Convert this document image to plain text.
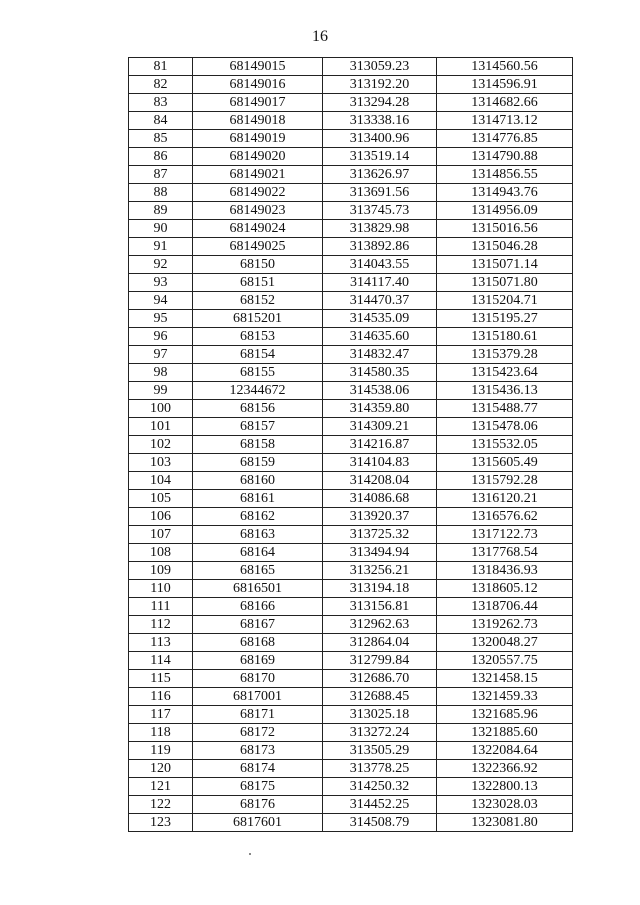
16
81	68149015	313059.23	1314560.56
82	68149016	313192.20	1314596.91
83	68149017	313294.28	1314682.66
84	68149018	313338.16	1314713.12
85	68149019	313400.96	1314776.85
86	68149020	313519.14	1314790.88
87	68149021	313626.97	1314856.55
88	68149022	313691.56	1314943.76
89	68149023	313745.73	1314956.09
90	68149024	313829.98	1315016.56
91	68149025	313892.86	1315046.28
92	68150	314043.55	1315071.14
93	68151	314117.40	1315071.80
94	68152	314470.37	1315204.71
95	6815201	314535.09	1315195.27
96	68153	314635.60	1315180.61
97	68154	314832.47	1315379.28
98	68155	314580.35	1315423.64
99	12344672	314538.06	1315436.13
100	68156	314359.80	1315488.77
101	68157	314309.21	1315478.06
102	68158	314216.87	1315532.05
103	68159	314104.83	1315605.49
104	68160	314208.04	1315792.28
105	68161	314086.68	1316120.21
106	68162	313920.37	1316576.62
107	68163	313725.32	1317122.73
108	68164	313494.94	1317768.54
109	68165	313256.21	1318436.93
110	6816501	313194.18	1318605.12
111	68166	313156.81	1318706.44
112	68167	312962.63	1319262.73
113	68168	312864.04	1320048.27
114	68169	312799.84	1320557.75
115	68170	312686.70	1321458.15
116	6817001	312688.45	1321459.33
117	68171	313025.18	1321685.96
118	68172	313272.24	1321885.60
119	68173	313505.29	1322084.64
120	68174	313778.25	1322366.92
121	68175	314250.32	1322800.13
122	68176	314452.25	1323028.03
123	6817601	314508.79	1323081.80
